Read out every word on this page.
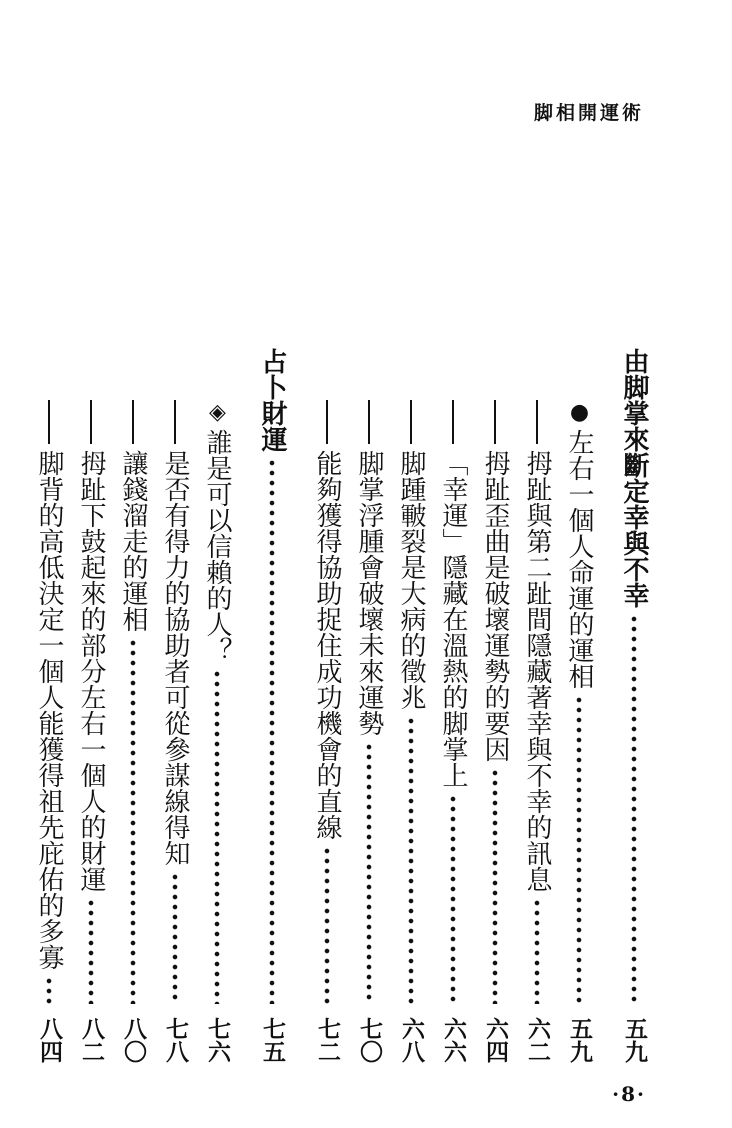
脚相開運術
由脚掌來斷定幸與不幸
五九
●
左右一個人命運的運相
五九
拇趾與第二趾間隱藏著幸與不幸的訊息
六二
拇趾歪曲是破壞運勢的要因
六四
「幸運」隱藏在溫熱的脚掌上
六六
脚踵皸裂是大病的徵兆
六八
脚掌浮腫會破壞未來運勢
七〇
能夠獲得協助捉住成功機會的直線
七二
占卜財運
七五
◈
誰是可以信賴的人？
七六
是否有得力的協助者可從參謀線得知
七八
讓錢溜走的運相
八〇
拇趾下鼓起來的部分左右一個人的財運
八二
脚背的高低決定一個人能獲得祖先庇佑的多寡
八四
·8·
